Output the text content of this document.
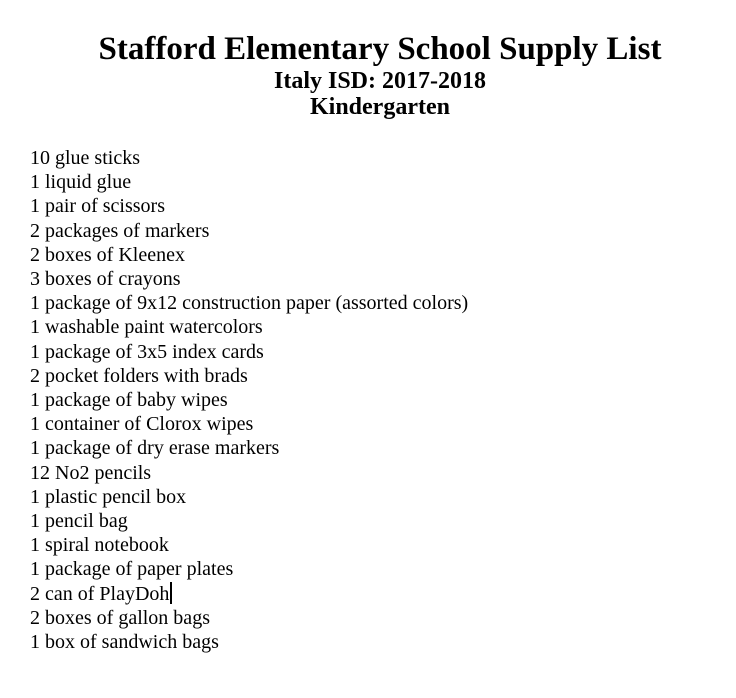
Stafford Elementary School Supply List
Italy ISD: 2017-2018
Kindergarten
10 glue sticks
1 liquid glue
1 pair of scissors
2 packages of markers
2 boxes of Kleenex
3 boxes of crayons
1 package of 9x12 construction paper (assorted colors)
1 washable paint watercolors
1 package of 3x5 index cards
2 pocket folders with brads
1 package of baby wipes
1 container of Clorox wipes
1 package of dry erase markers
12 No2 pencils
1 plastic pencil box
1 pencil bag
1 spiral notebook
1 package of paper plates
2 can of PlayDoh
2 boxes of gallon bags
1 box of sandwich bags
